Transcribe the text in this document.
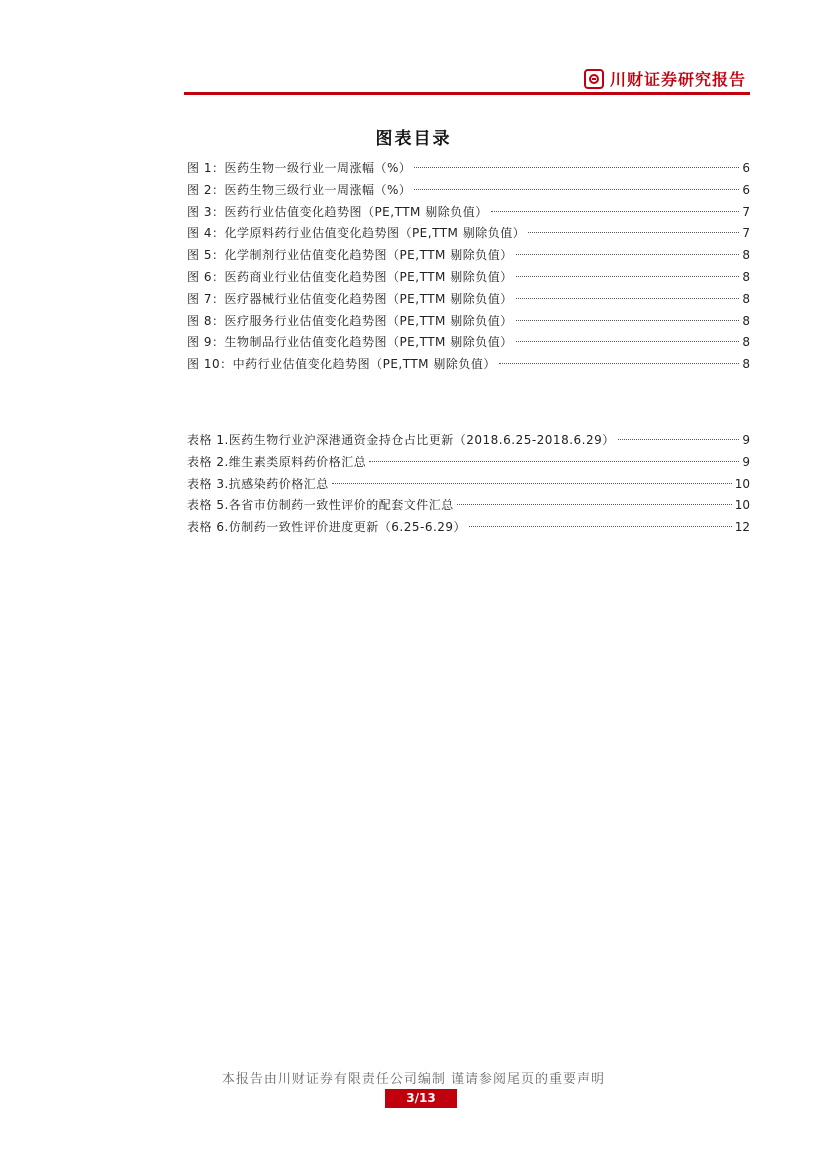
川财证券研究报告
图表目录
图 1：医药生物一级行业一周涨幅（%）	6
图 2：医药生物三级行业一周涨幅（%）	6
图 3：医药行业估值变化趋势图（PE,TTM 剔除负值）	7
图 4：化学原料药行业估值变化趋势图（PE,TTM 剔除负值）	7
图 5：化学制剂行业估值变化趋势图（PE,TTM 剔除负值）	8
图 6：医药商业行业估值变化趋势图（PE,TTM 剔除负值）	8
图 7：医疗器械行业估值变化趋势图（PE,TTM 剔除负值）	8
图 8：医疗服务行业估值变化趋势图（PE,TTM 剔除负值）	8
图 9：生物制品行业估值变化趋势图（PE,TTM 剔除负值）	8
图 10：中药行业估值变化趋势图（PE,TTM 剔除负值）	8
表格 1.医药生物行业沪深港通资金持仓占比更新（2018.6.25-2018.6.29）	9
表格 2.维生素类原料药价格汇总	9
表格 3.抗感染药价格汇总	10
表格 5.各省市仿制药一致性评价的配套文件汇总	10
表格 6.仿制药一致性评价进度更新（6.25-6.29）	12
本报告由川财证券有限责任公司编制 谨请参阅尾页的重要声明
3/13
